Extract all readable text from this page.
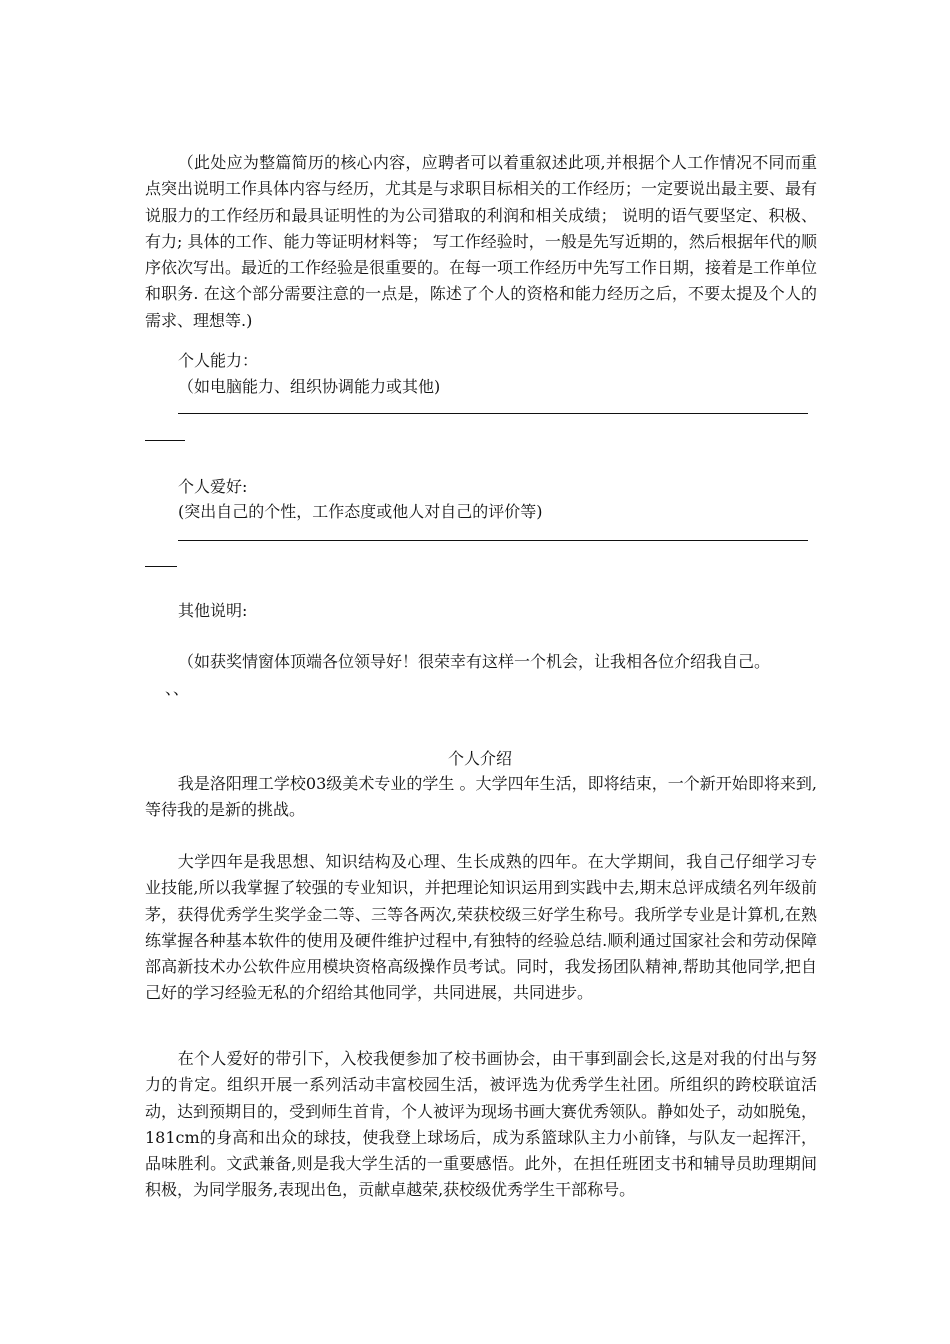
（此处应为整篇简历的核心内容，应聘者可以着重叙述此项,并根据个人工作情况不同而重点突出说明工作具体内容与经历，尤其是与求职目标相关的工作经历；一定要说出最主要、最有说服力的工作经历和最具证明性的为公司猎取的利润和相关成绩； 说明的语气要坚定、积极、有力; 具体的工作、能力等证明材料等； 写工作经验时，一般是先写近期的，然后根据年代的顺序依次写出。最近的工作经验是很重要的。在每一项工作经历中先写工作日期，接着是工作单位和职务. 在这个部分需要注意的一点是，陈述了个人的资格和能力经历之后，不要太提及个人的需求、理想等.)
个人能力：
（如电脑能力、组织协调能力或其他)
个人爱好:
(突出自己的个性，工作态度或他人对自己的评价等)
其他说明:
（如获奖情窗体顶端各位领导好！很荣幸有这样一个机会，让我相各位介绍我自己。
、、
个人介绍
我是洛阳理工学校03级美术专业的学生 。大学四年生活，即将结束，一个新开始即将来到,等待我的是新的挑战。
大学四年是我思想、知识结构及心理、生长成熟的四年。在大学期间，我自己仔细学习专业技能,所以我掌握了较强的专业知识，并把理论知识运用到实践中去,期末总评成绩名列年级前茅，获得优秀学生奖学金二等、三等各两次,荣获校级三好学生称号。我所学专业是计算机,在熟练掌握各种基本软件的使用及硬件维护过程中,有独特的经验总结.顺利通过国家社会和劳动保障部高新技术办公软件应用模块资格高级操作员考试。同时，我发扬团队精神,帮助其他同学,把自己好的学习经验无私的介绍给其他同学，共同进展，共同进步。
在个人爱好的带引下，入校我便参加了校书画协会，由干事到副会长,这是对我的付出与努力的肯定。组织开展一系列活动丰富校园生活，被评选为优秀学生社团。所组织的跨校联谊活动，达到预期目的，受到师生首肯，个人被评为现场书画大赛优秀领队。静如处子，动如脱兔，181cm的身高和出众的球技，使我登上球场后，成为系篮球队主力小前锋，与队友一起挥汗，品味胜利。文武兼备,则是我大学生活的一重要感悟。此外，在担任班团支书和辅导员助理期间积极，为同学服务,表现出色，贡献卓越荣,获校级优秀学生干部称号。
